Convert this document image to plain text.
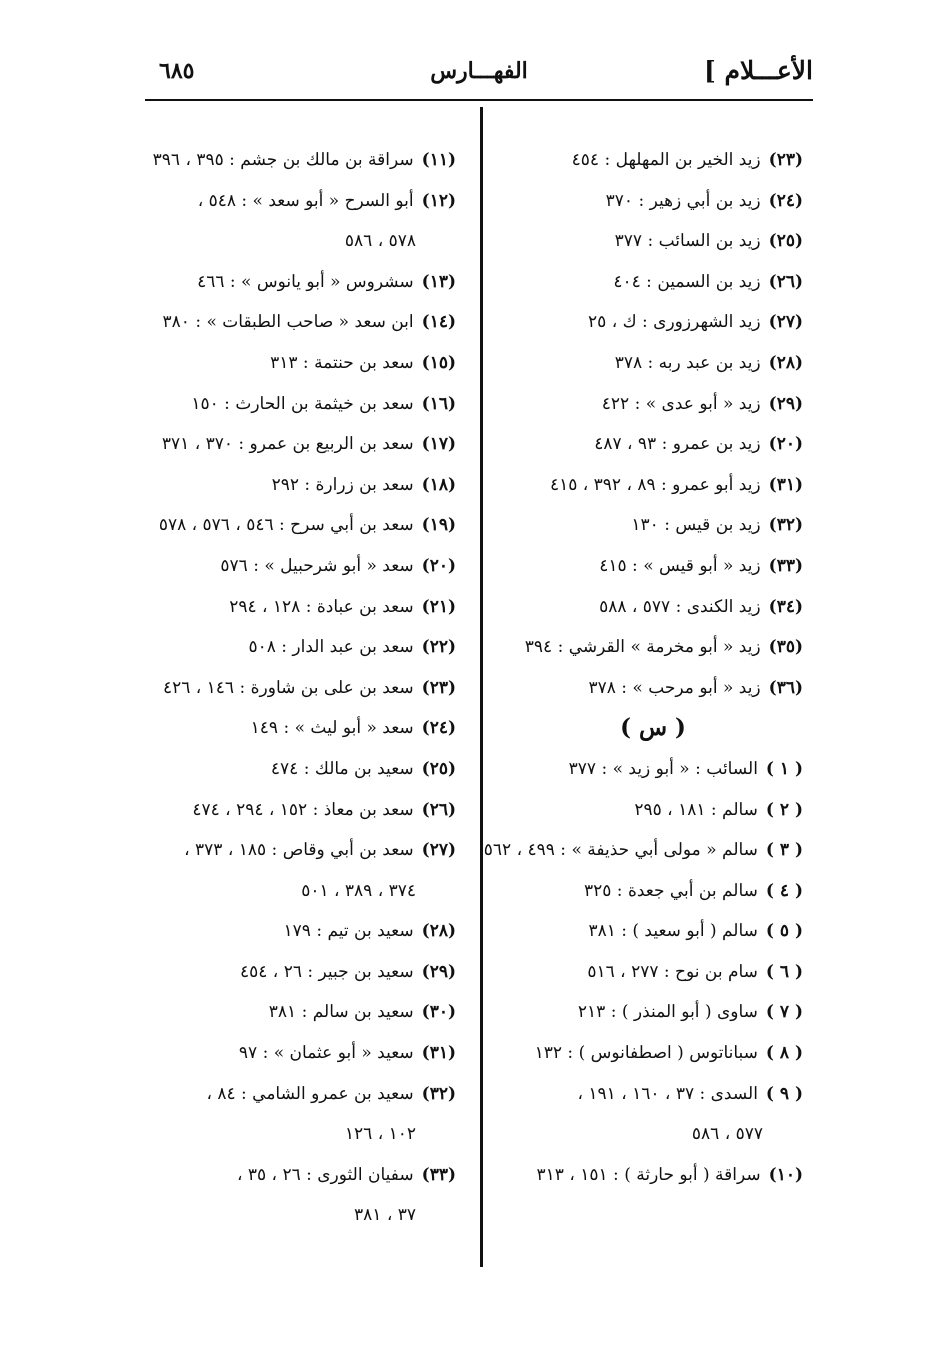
الأعـــلام ]
الفهـــارس
٦٨٥
(٢٣)زيد الخير بن المهلهل : ٤٥٤
(٢٤)زيد بن أبي زهير : ٣٧٠
(٢٥)زيد بن السائب : ٣٧٧
(٢٦)زيد بن السمين : ٤٠٤
(٢٧)زيد الشهرزورى : ك ، ٢٥
(٢٨)زيد بن عبد ربه : ٣٧٨
(٢٩)زيد « أبو عدى » : ٤٢٢
(٢٠)زيد بن عمرو : ٩٣ ، ٤٨٧
(٣١)زيد أبو عمرو : ٨٩ ، ٣٩٢ ، ٤١٥
(٣٢)زيد بن قيس : ١٣٠
(٣٣)زيد « أبو قيس » : ٤١٥
(٣٤)زيد الكندى : ٥٧٧ ، ٥٨٨
(٣٥)زيد « أبو مخرمة » القرشي : ٣٩٤
(٣٦)زيد « أبو مرحب » : ٣٧٨
( س )
( ١ )السائب : « أبو زيد » : ٣٧٧
( ٢ )سالم : ١٨١ ، ٢٩٥
( ٣ )سالم « مولى أبي حذيفة » : ٤٩٩ ، ٥٦٢
( ٤ )سالم بن أبي جعدة : ٣٢٥
( ٥ )سالم ( أبو سعيد ) : ٣٨١
( ٦ )سام بن نوح : ٢٧٧ ، ٥١٦
( ٧ )ساوى ( أبو المنذر ) : ٢١٣
( ٨ )سباناتوس ( اصطفانوس ) : ١٣٢
( ٩ )السدى : ٣٧ ، ١٦٠ ، ١٩١ ،
٥٧٧ ، ٥٨٦
(١٠)سراقة ( أبو حارثة ) : ١٥١ ، ٣١٣
(١١)سراقة بن مالك بن جشم : ٣٩٥ ، ٣٩٦
(١٢)أبو السرح « أبو سعد » : ٥٤٨ ،
٥٧٨ ، ٥٨٦
(١٣)سشروس « أبو يانوس » : ٤٦٦
(١٤)ابن سعد « صاحب الطبقات » : ٣٨٠
(١٥)سعد بن حنتمة : ٣١٣
(١٦)سعد بن خيثمة بن الحارث : ١٥٠
(١٧)سعد بن الربيع بن عمرو : ٣٧٠ ، ٣٧١
(١٨)سعد بن زرارة : ٢٩٢
(١٩)سعد بن أبي سرح : ٥٤٦ ، ٥٧٦ ، ٥٧٨
(٢٠)سعد « أبو شرحبيل » : ٥٧٦
(٢١)سعد بن عبادة : ١٢٨ ، ٢٩٤
(٢٢)سعد بن عبد الدار : ٥٠٨
(٢٣)سعد بن على بن شاورة : ١٤٦ ، ٤٢٦
(٢٤)سعد « أبو ليث » : ١٤٩
(٢٥)سعيد بن مالك : ٤٧٤
(٢٦)سعد بن معاذ : ١٥٢ ، ٢٩٤ ، ٤٧٤
(٢٧)سعد بن أبي وقاص : ١٨٥ ، ٣٧٣ ،
٣٧٤ ، ٣٨٩ ، ٥٠١
(٢٨)سعيد بن تيم : ١٧٩
(٢٩)سعيد بن جبير : ٢٦ ، ٤٥٤
(٣٠)سعيد بن سالم : ٣٨١
(٣١)سعيد « أبو عثمان » : ٩٧
(٣٢)سعيد بن عمرو الشامي : ٨٤ ،
١٠٢ ، ١٢٦
(٣٣)سفيان الثورى : ٢٦ ، ٣٥ ،
٣٧ ، ٣٨١
